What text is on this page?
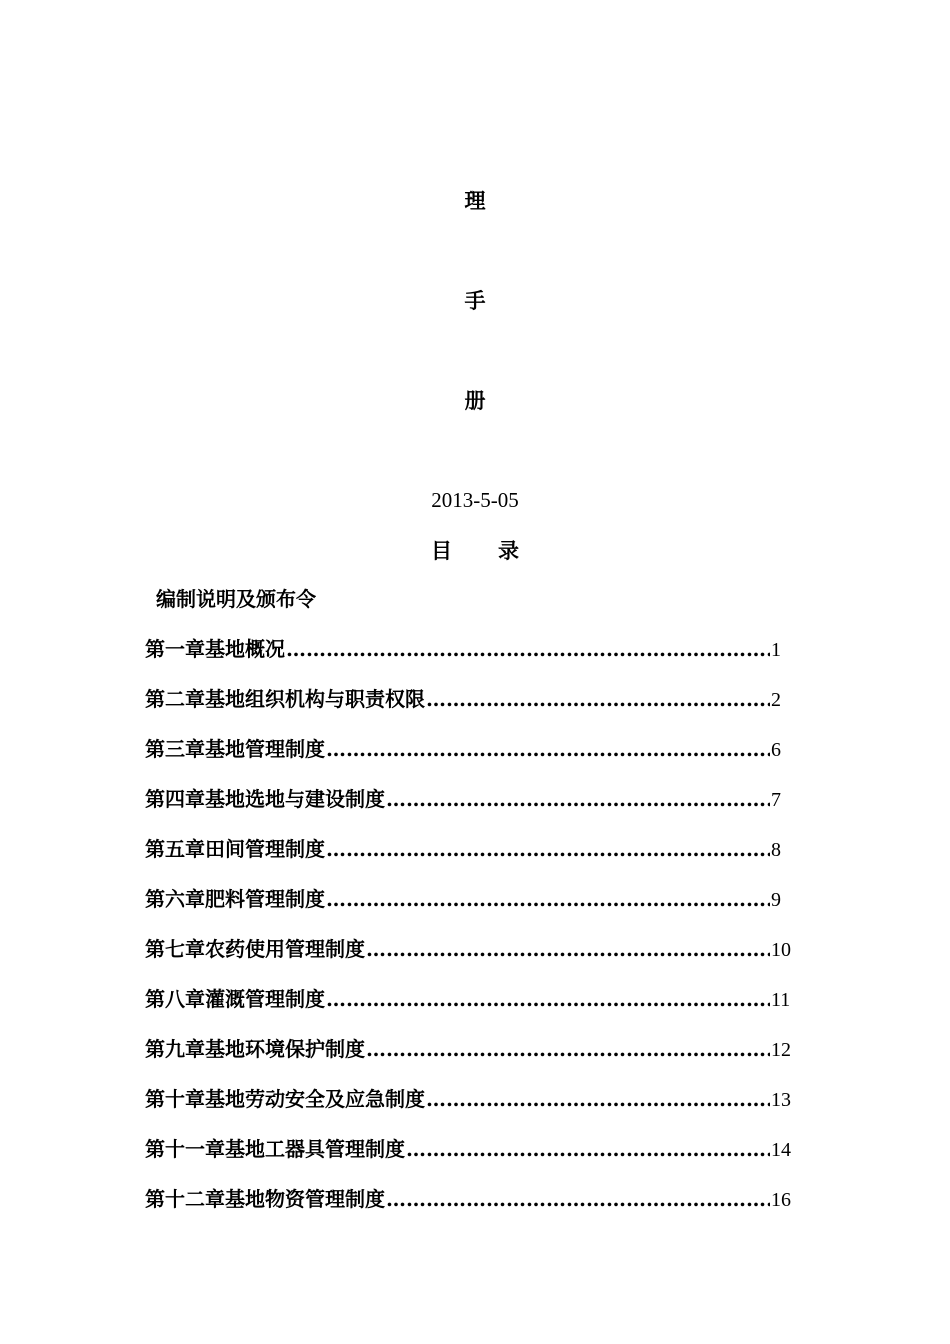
理
手
册
2013-5-05
目 录
编制说明及颁布令
第一章基地概况 ……………………………………………………………………………………………………………………	1
第二章基地组织机构与职责权限 ……………………………………………………………………………………………………………………	2
第三章基地管理制度 ……………………………………………………………………………………………………………………	6
第四章基地选地与建设制度 ……………………………………………………………………………………………………………………	7
第五章田间管理制度 ……………………………………………………………………………………………………………………	8
第六章肥料管理制度 ……………………………………………………………………………………………………………………	9
第七章农药使用管理制度 ……………………………………………………………………………………………………………………	10
第八章灌溉管理制度 ……………………………………………………………………………………………………………………	11
第九章基地环境保护制度 ……………………………………………………………………………………………………………………	12
第十章基地劳动安全及应急制度 ……………………………………………………………………………………………………………………	13
第十一章基地工器具管理制度 ……………………………………………………………………………………………………………………	14
第十二章基地物资管理制度 ……………………………………………………………………………………………………………………	16
